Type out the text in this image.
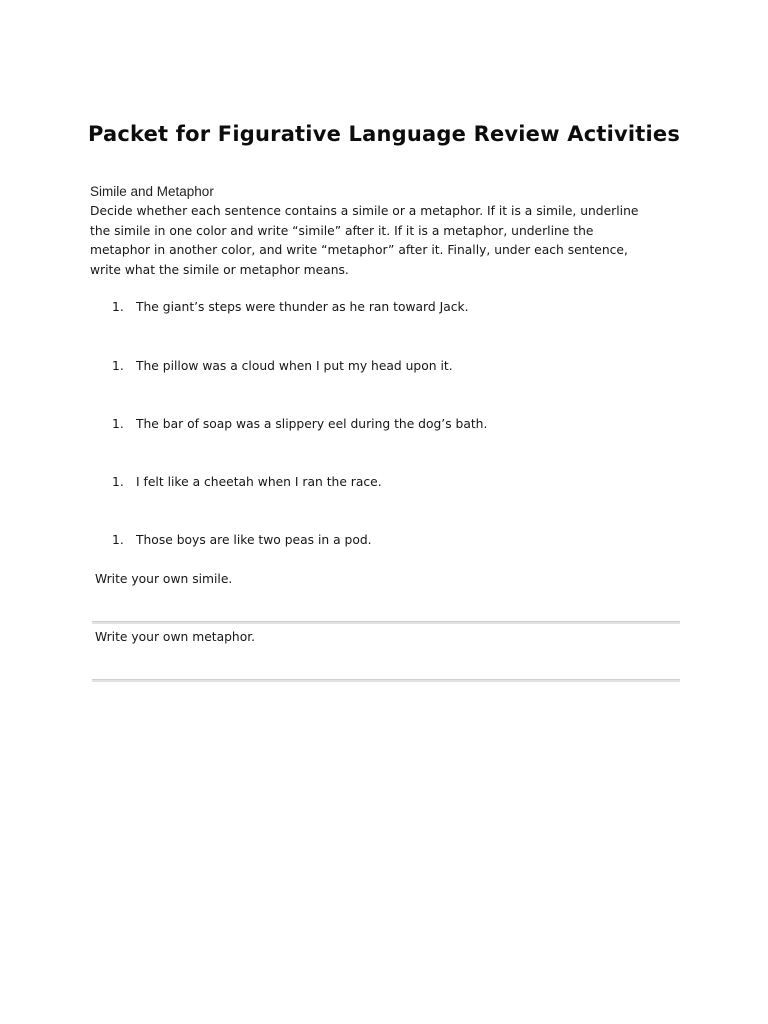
Packet for Figurative Language Review Activities
Simile and Metaphor
Decide whether each sentence contains a simile or a metaphor. If it is a simile, underline
the simile in one color and write “simile” after it. If it is a metaphor, underline the
metaphor in another color, and write “metaphor” after it. Finally, under each sentence,
write what the simile or metaphor means.
1. The giant’s steps were thunder as he ran toward Jack.
1. The pillow was a cloud when I put my head upon it.
1. The bar of soap was a slippery eel during the dog’s bath.
1. I felt like a cheetah when I ran the race.
1. Those boys are like two peas in a pod.
Write your own simile.
Write your own metaphor.
